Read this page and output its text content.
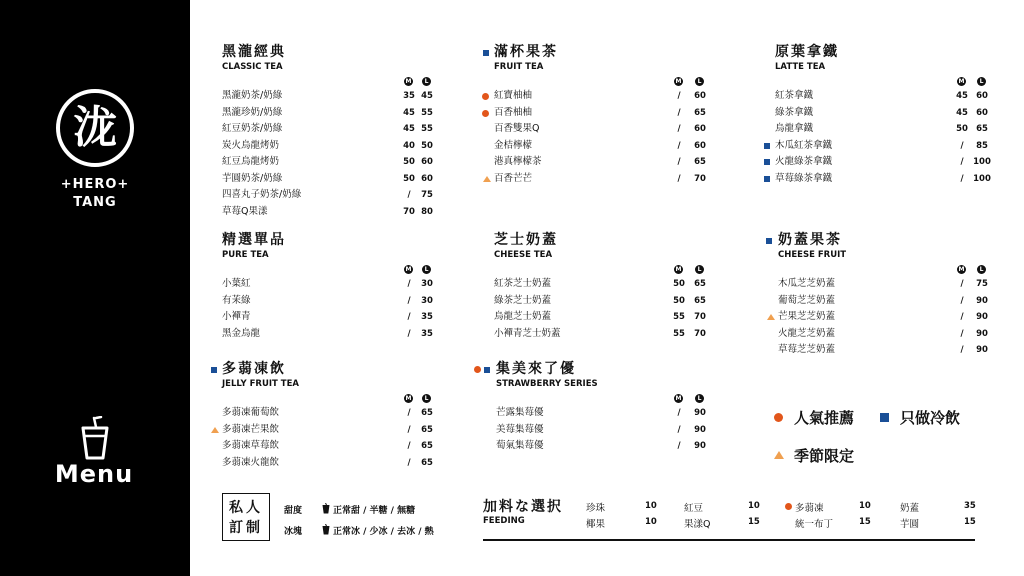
泷
+HERO+
TANG
Menu
黑瀧經典
CLASSIC TEA
M	L
黑瀧奶茶/奶綠	35 45
黑瀧珍奶/奶綠	45 55
紅豆奶茶/奶綠	45 55
炭火烏龍烤奶	40 50
紅豆烏龍烤奶	50 60
芋圓奶茶/奶綠	50 60
四喜丸子奶茶/奶綠	/	75
草莓Q果漾	70 80
滿杯果茶
FRUIT TEA
M	L
紅寶柚柚	/	60
百香柚柚	/	65
百香雙果Q	/	60
金桔檸檬	/	60
港真檸檬茶	/	65
百香芒芒	/	70
原葉拿鐵
LATTE TEA
M	L
紅茶拿鐵	45 60
綠茶拿鐵	45 60
烏龍拿鐵	50 65
木瓜紅茶拿鐵	/	85
火龍綠茶拿鐵	/	100
草莓綠茶拿鐵	/	100
精選單品
PURE TEA
M	L
小葉紅	/	30
有茉綠	/	30
小襌青	/	35
黑金烏龍	/	35
芝士奶蓋
CHEESE TEA
M	L
紅茶芝士奶蓋	50	65
綠茶芝士奶蓋	50	65
烏龍芝士奶蓋	55	70
小襌青芝士奶蓋	55	70
奶蓋果茶
CHEESE FRUIT
M	L
木瓜芝芝奶蓋	/	75
葡萄芝芝奶蓋	/	90
芒果芝芝奶蓋	/	90
火龍芝芝奶蓋	/	90
草莓芝芝奶蓋	/	90
多蒻凍飲
JELLY FRUIT TEA
M	L
多蒻凍葡萄飲	/	65
多蒻凍芒果飲	/	65
多蒻凍草莓飲	/	65
多蒻凍火龍飲	/	65
集美來了優
STRAWBERRY SERIES
M	L
芒露集莓優	/	90
美莓集莓優	/	90
萄氣集莓優	/	90
人氣推薦	只做冷飲
季節限定
私人
訂制
甜度	正常甜 / 半糖 / 無糖
冰塊	正常冰 / 少冰 / 去冰 / 熱
加料な選択
FEEDING
珍珠	10
椰果	10
紅豆	10
果漾Q	15
多蒻凍	10
統一布丁	15
奶蓋	35
芋圓	15
